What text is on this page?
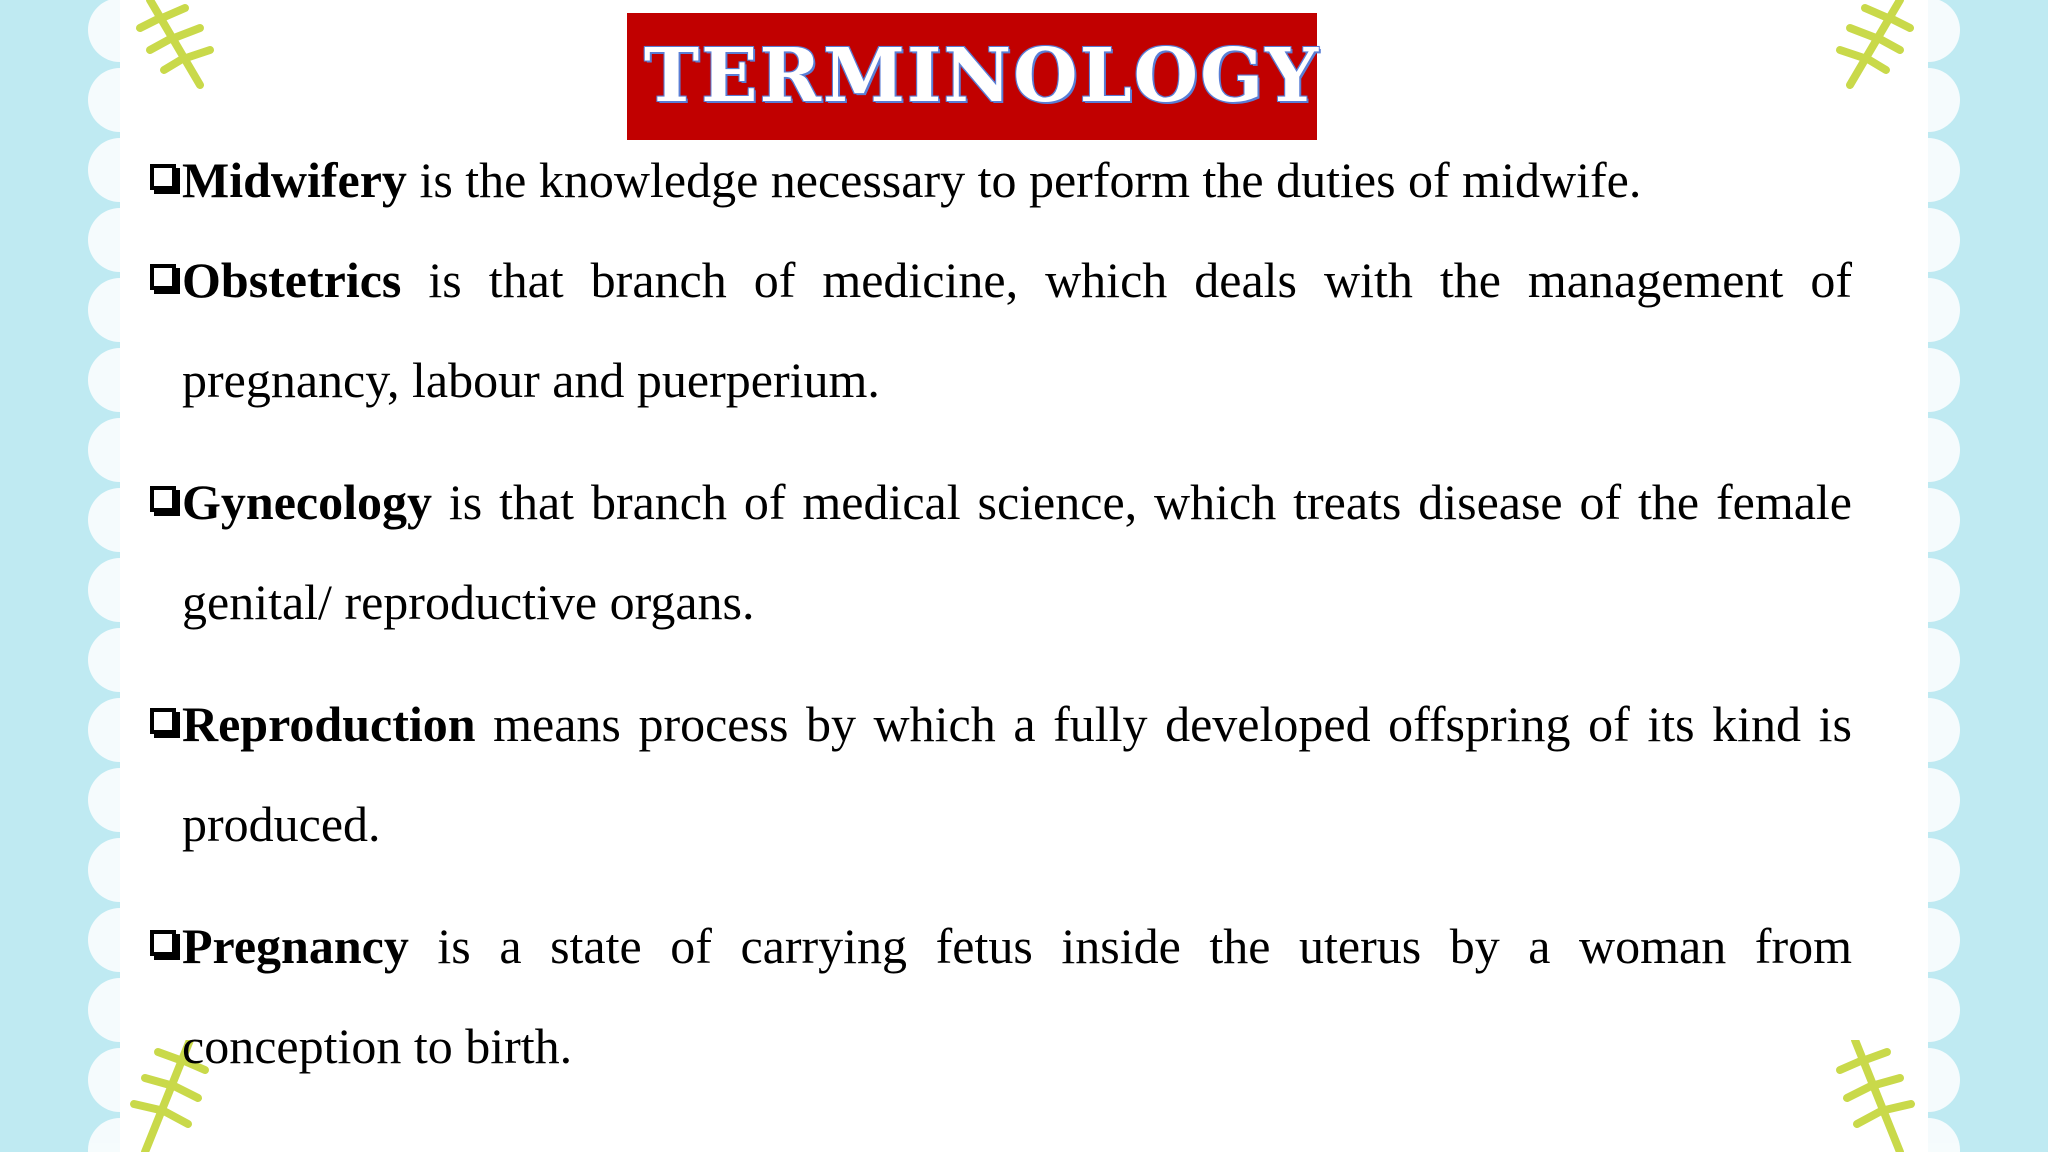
TERMINOLOGY
Midwifery is the knowledge necessary to perform the duties of midwife.
Obstetrics is that branch of medicine, which deals with the management of pregnancy, labour and puerperium.
Gynecology is that branch of medical science, which treats disease of the female genital/ reproductive organs.
Reproduction means process by which a fully developed offspring of its kind is produced.
Pregnancy is a state of carrying fetus inside the uterus by a woman from conception to birth.
